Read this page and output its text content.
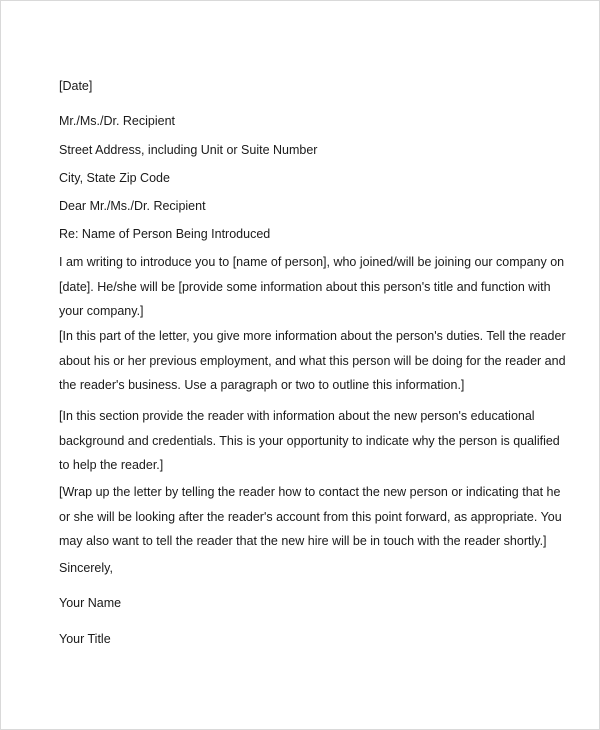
[Date]
Mr./Ms./Dr. Recipient
Street Address, including Unit or Suite Number
City, State Zip Code
Dear Mr./Ms./Dr. Recipient
Re: Name of Person Being Introduced
I am writing to introduce you to [name of person], who joined/will be joining our company on
[date]. He/she will be [provide some information about this person's title and function with
your company.]
[In this part of the letter, you give more information about the person's duties. Tell the reader
about his or her previous employment, and what this person will be doing for the reader and
the reader's business. Use a paragraph or two to outline this information.]
[In this section provide the reader with information about the new person's educational
background and credentials. This is your opportunity to indicate why the person is qualified
to help the reader.]
[Wrap up the letter by telling the reader how to contact the new person or indicating that he
or she will be looking after the reader's account from this point forward, as appropriate. You
may also want to tell the reader that the new hire will be in touch with the reader shortly.]
Sincerely,
Your Name
Your Title
